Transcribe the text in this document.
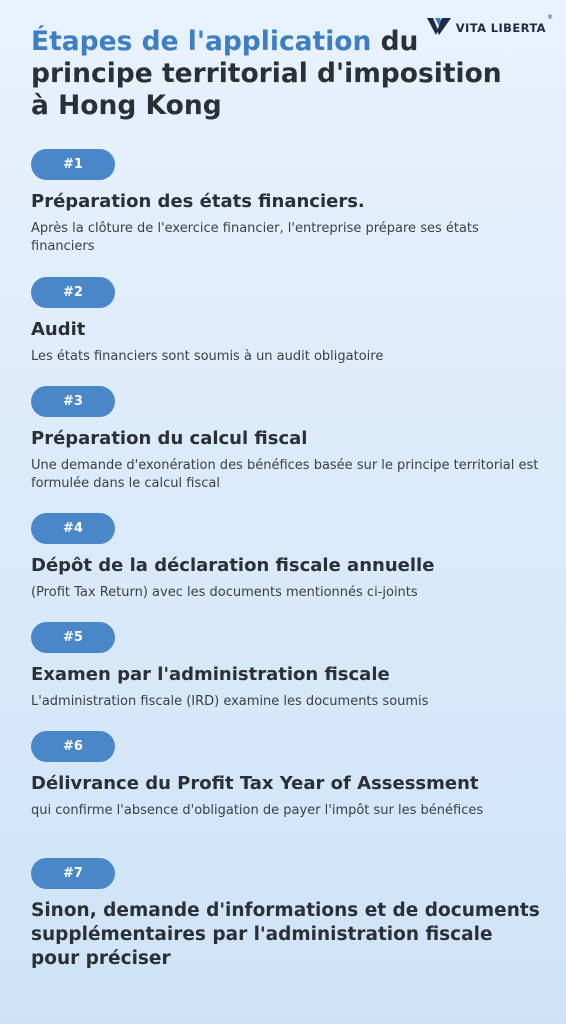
VITA LIBERTA
®
Étapes de l'application du principe territorial d'imposition à Hong Kong
#1

Préparation des états financiers.

Après la clôture de l'exercice financier, l'entreprise prépare ses états financiers

#2

Audit

Les états financiers sont soumis à un audit obligatoire

#3

Préparation du calcul fiscal

Une demande d'exonération des bénéfices basée sur le principe territorial est formulée dans le calcul fiscal

#4

Dépôt de la déclaration fiscale annuelle

(Profit Tax Return) avec les documents mentionnés ci-joints

#5

Examen par l'administration fiscale

L'administration fiscale (IRD) examine les documents soumis

#6

Délivrance du Profit Tax Year of Assessment

qui confirme l'absence d'obligation de payer l'impôt sur les bénéfices

#7

Sinon, demande d'informations et de documents supplémentaires par l'administration fiscale pour préciser
